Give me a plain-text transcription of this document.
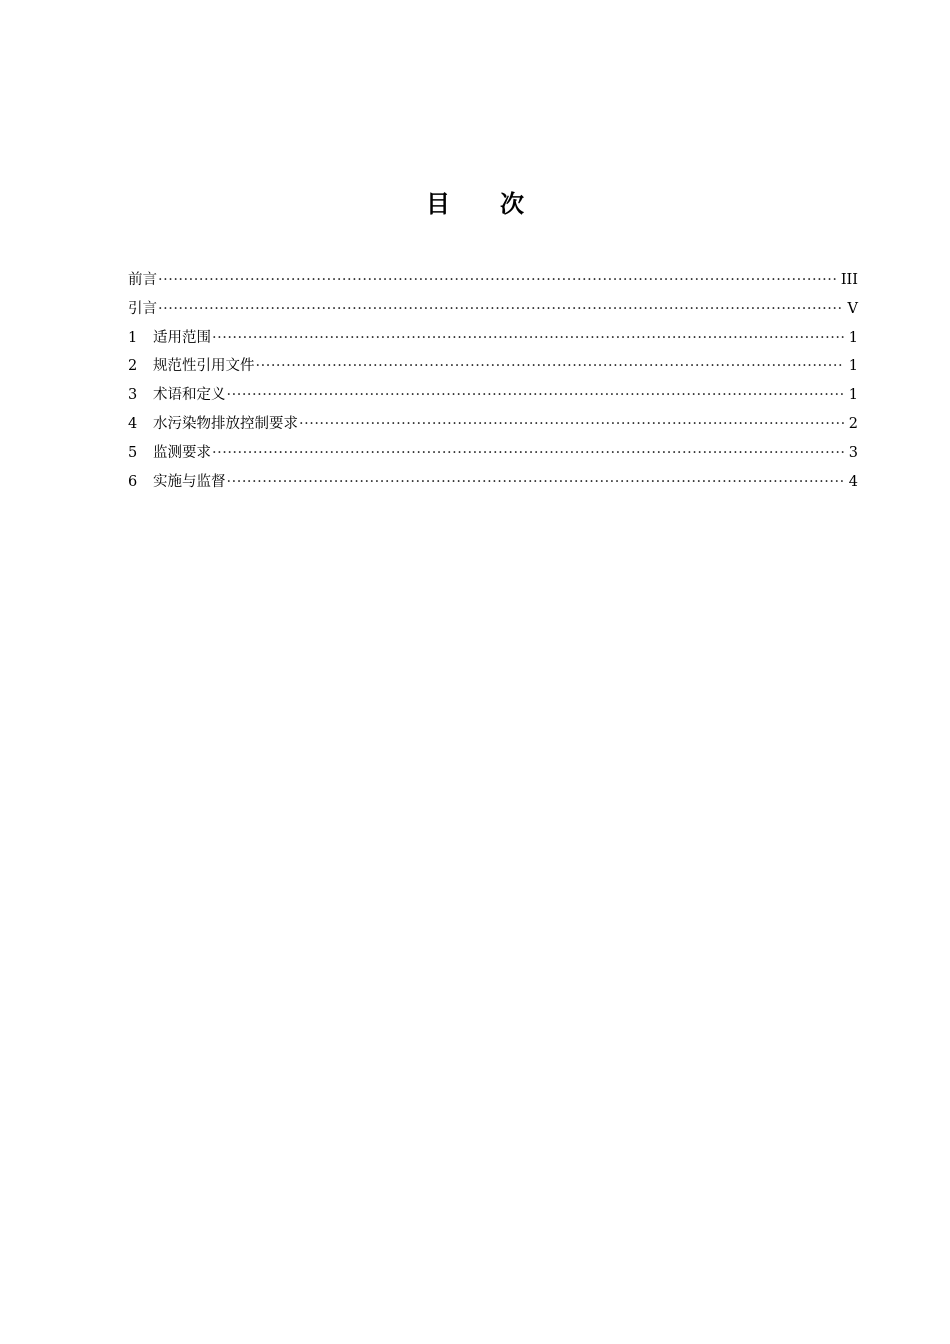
目 次
前言 ·····	III
引言 ·····	V
1	适用范围 ·····	1
2	规范性引用文件 ·····	1
3	术语和定义 ·····	1
4	水污染物排放控制要求 ·····	2
5	监测要求 ·····	3
6	实施与监督 ·····	4
